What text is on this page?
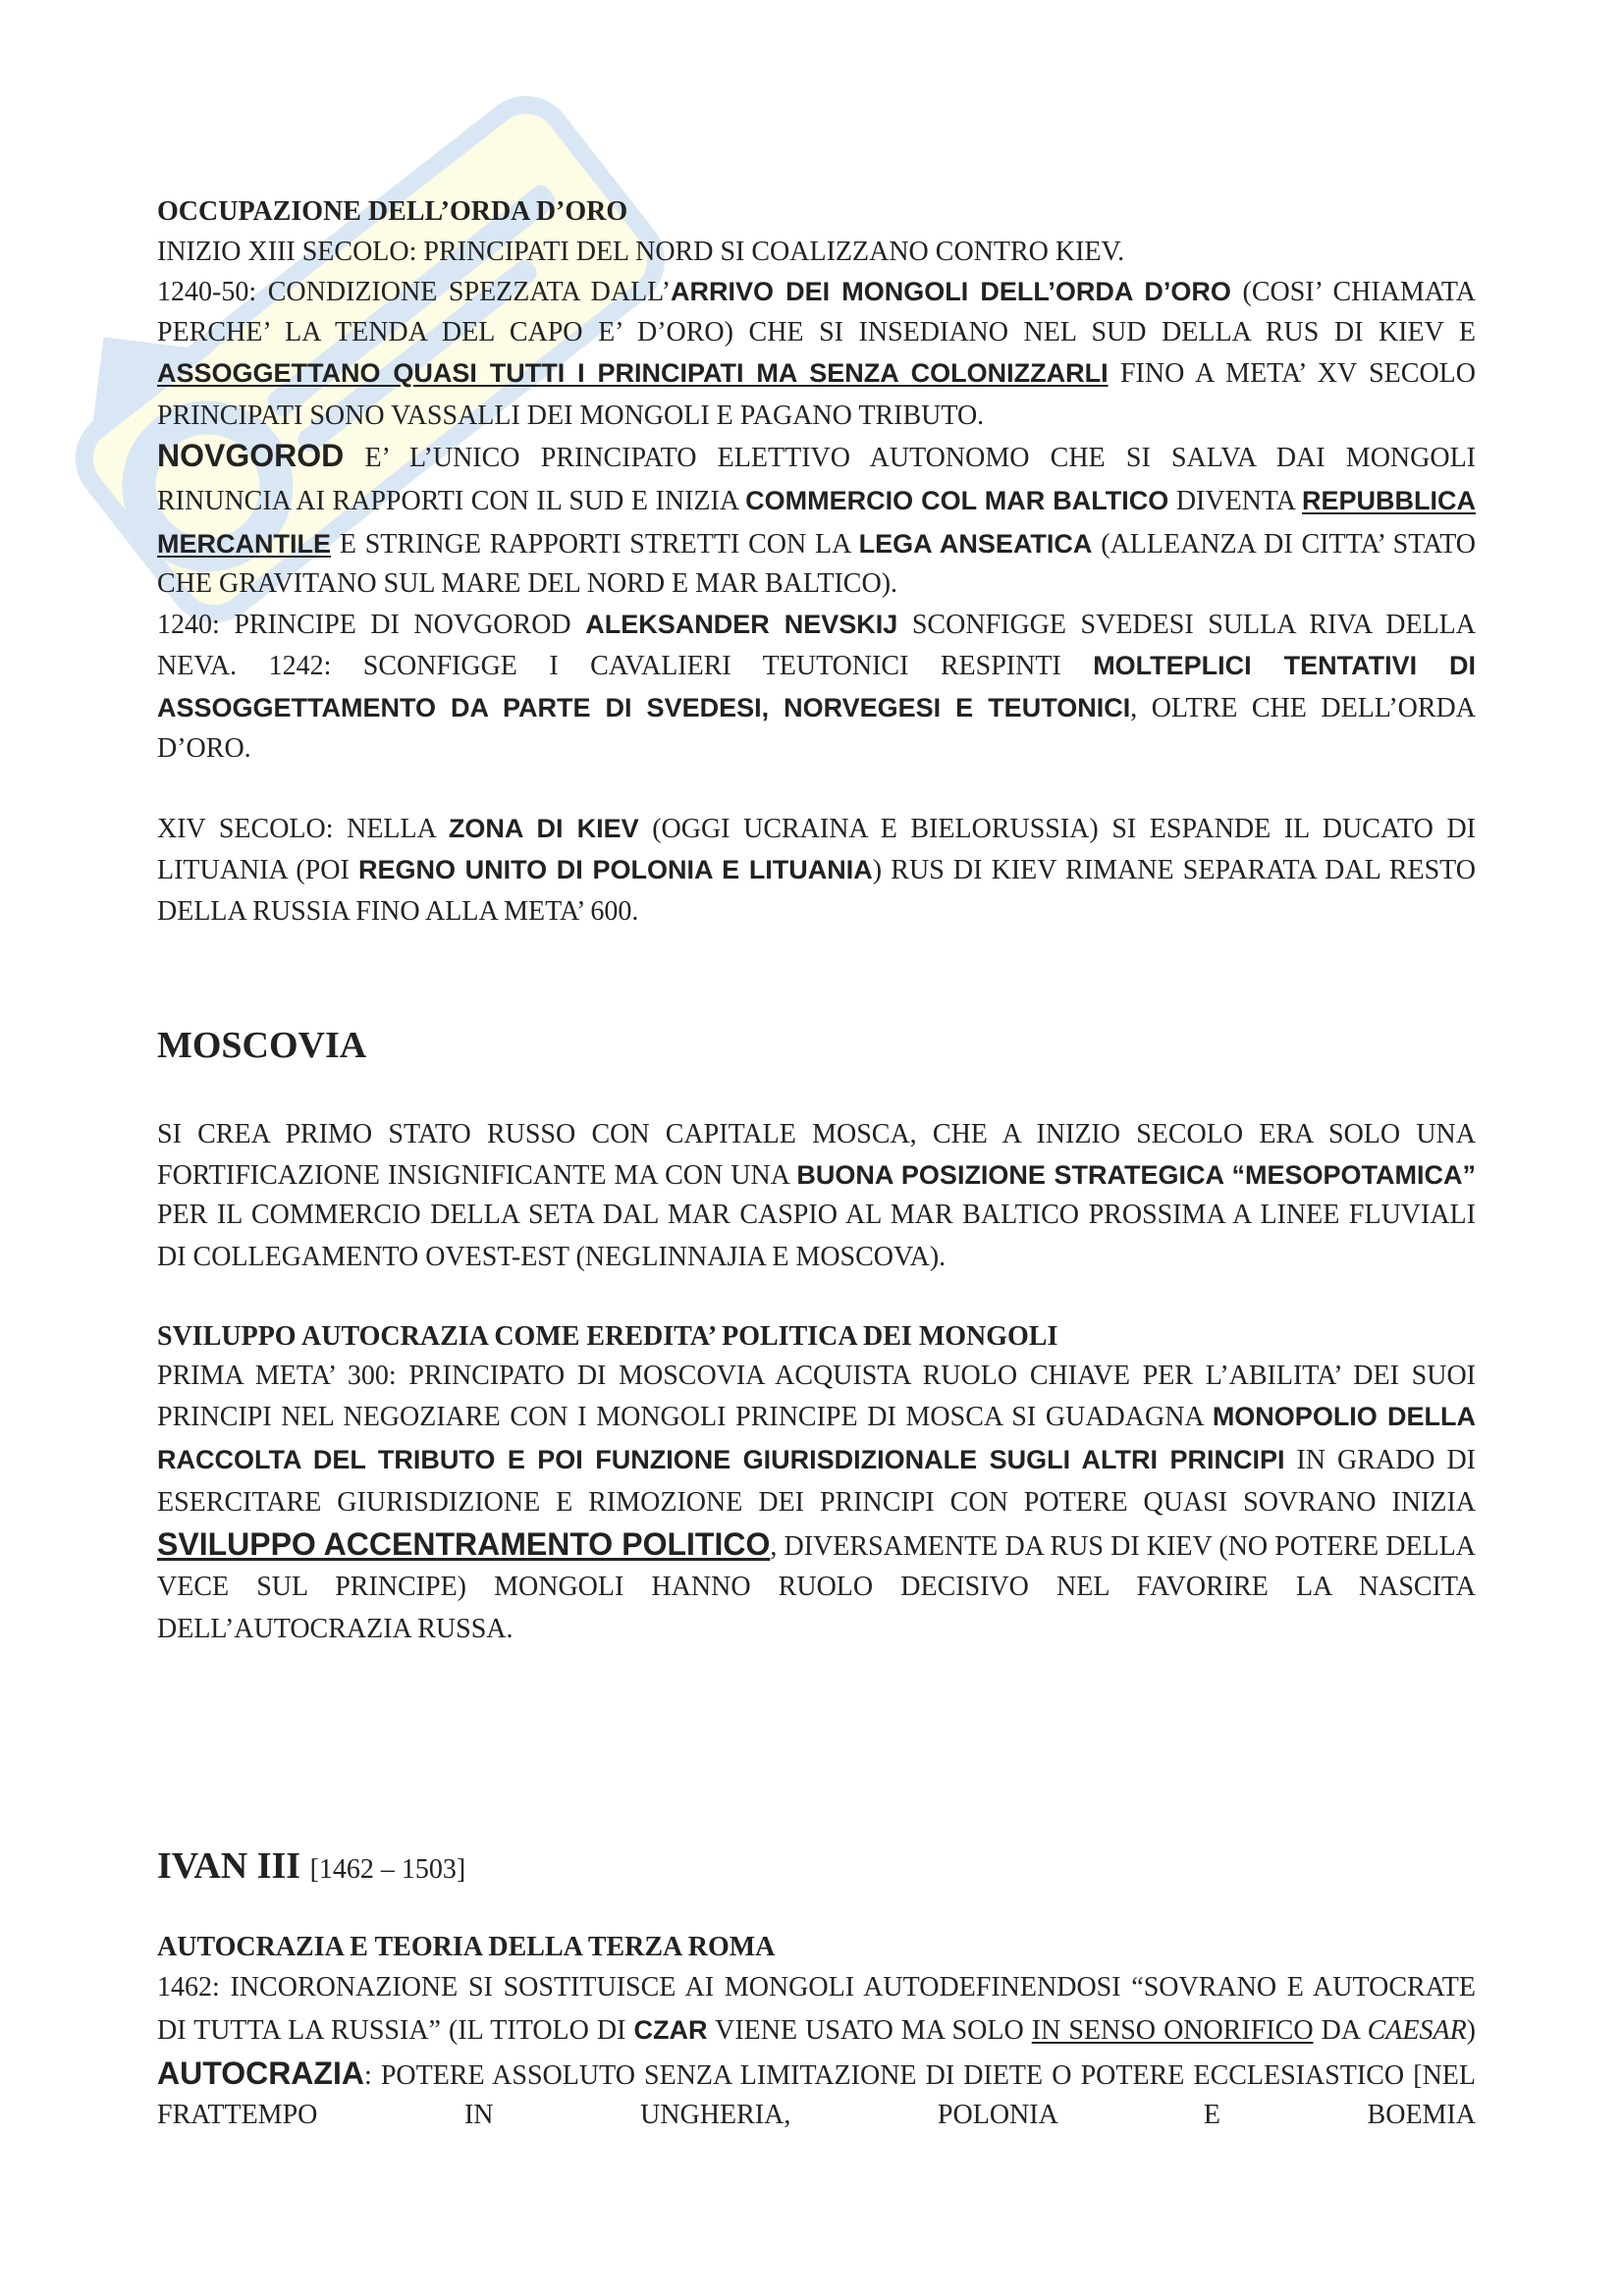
OCCUPAZIONE DELL’ORDA D’ORO

INIZIO XIII SECOLO: PRINCIPATI DEL NORD SI COALIZZANO CONTRO KIEV.

1240-50: CONDIZIONE SPEZZATA DALL’ARRIVO DEI MONGOLI DELL’ORDA D’ORO (COSI’ CHIAMATA PERCHE’ LA TENDA DEL CAPO E’ D’ORO) CHE SI INSEDIANO NEL SUD DELLA RUS DI KIEV E ASSOGGETTANO QUASI TUTTI I PRINCIPATI MA SENZA COLONIZZARLI FINO A META’ XV SECOLO PRINCIPATI SONO VASSALLI DEI MONGOLI E PAGANO TRIBUTO.

NOVGOROD E’ L’UNICO PRINCIPATO ELETTIVO AUTONOMO CHE SI SALVA DAI MONGOLI RINUNCIA AI RAPPORTI CON IL SUD E INIZIA COMMERCIO COL MAR BALTICO DIVENTA REPUBBLICA MERCANTILE E STRINGE RAPPORTI STRETTI CON LA LEGA ANSEATICA (ALLEANZA DI CITTA’ STATO CHE GRAVITANO SUL MARE DEL NORD E MAR BALTICO).

1240: PRINCIPE DI NOVGOROD ALEKSANDER NEVSKIJ SCONFIGGE SVEDESI SULLA RIVA DELLA NEVA. 1242: SCONFIGGE I CAVALIERI TEUTONICI RESPINTI MOLTEPLICI TENTATIVI DI ASSOGGETTAMENTO DA PARTE DI SVEDESI, NORVEGESI E TEUTONICI, OLTRE CHE DELL’ORDA D’ORO.

XIV SECOLO: NELLA ZONA DI KIEV (OGGI UCRAINA E BIELORUSSIA) SI ESPANDE IL DUCATO DI LITUANIA (POI REGNO UNITO DI POLONIA E LITUANIA) RUS DI KIEV RIMANE SEPARATA DAL RESTO DELLA RUSSIA FINO ALLA META’ 600.

MOSCOVIA

SI CREA PRIMO STATO RUSSO CON CAPITALE MOSCA, CHE A INIZIO SECOLO ERA SOLO UNA FORTIFICAZIONE INSIGNIFICANTE MA CON UNA BUONA POSIZIONE STRATEGICA “MESOPOTAMICA” PER IL COMMERCIO DELLA SETA DAL MAR CASPIO AL MAR BALTICO PROSSIMA A LINEE FLUVIALI DI COLLEGAMENTO OVEST-EST (NEGLINNAJIA E MOSCOVA).

SVILUPPO AUTOCRAZIA COME EREDITA’ POLITICA DEI MONGOLI

PRIMA META’ 300: PRINCIPATO DI MOSCOVIA ACQUISTA RUOLO CHIAVE PER L’ABILITA’ DEI SUOI PRINCIPI NEL NEGOZIARE CON I MONGOLI PRINCIPE DI MOSCA SI GUADAGNA MONOPOLIO DELLA RACCOLTA DEL TRIBUTO E POI FUNZIONE GIURISDIZIONALE SUGLI ALTRI PRINCIPI IN GRADO DI ESERCITARE GIURISDIZIONE E RIMOZIONE DEI PRINCIPI CON POTERE QUASI SOVRANO INIZIA SVILUPPO ACCENTRAMENTO POLITICO, DIVERSAMENTE DA RUS DI KIEV (NO POTERE DELLA VECE SUL PRINCIPE) MONGOLI HANNO RUOLO DECISIVO NEL FAVORIRE LA NASCITA DELL’AUTOCRAZIA RUSSA.

IVAN III [1462 – 1503]

AUTOCRAZIA E TEORIA DELLA TERZA ROMA

1462: INCORONAZIONE SI SOSTITUISCE AI MONGOLI AUTODEFINENDOSI “SOVRANO E AUTOCRATE DI TUTTA LA RUSSIA” (IL TITOLO DI CZAR VIENE USATO MA SOLO IN SENSO ONORIFICO DA CAESAR) AUTOCRAZIA: POTERE ASSOLUTO SENZA LIMITAZIONE DI DIETE O POTERE ECCLESIASTICO [NEL FRATTEMPO IN UNGHERIA, POLONIA E BOEMIA
